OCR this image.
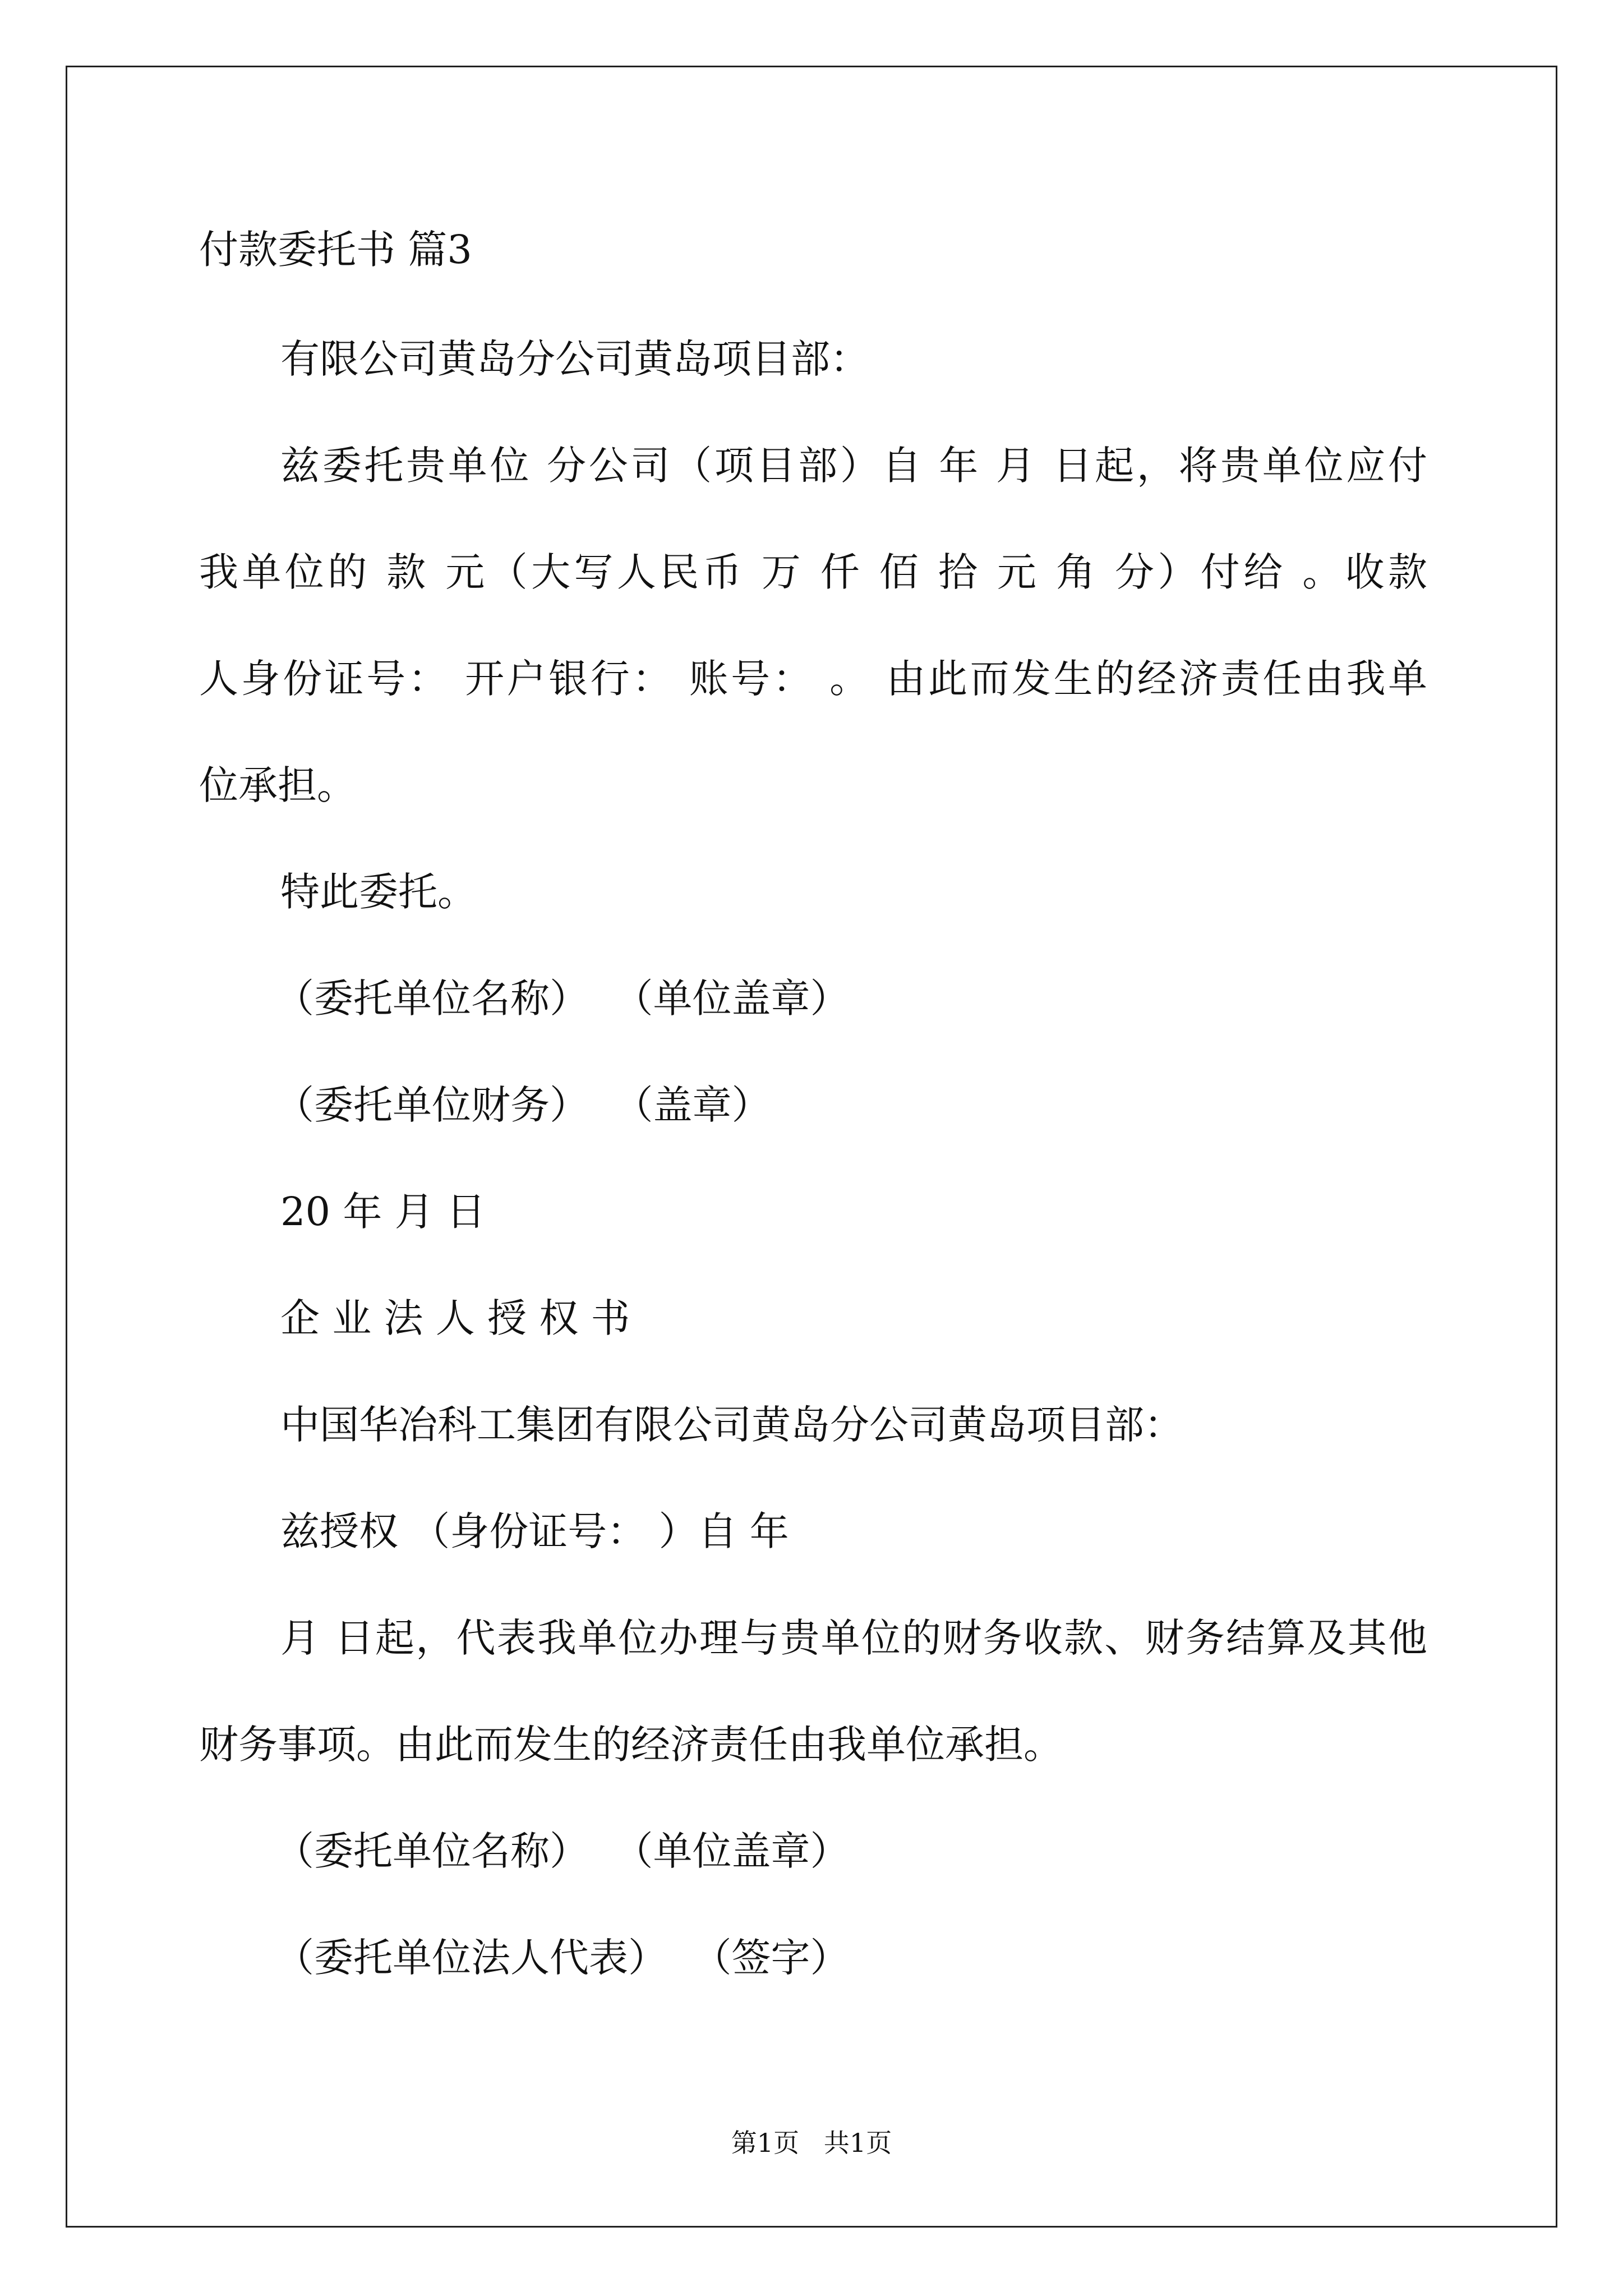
付款委托书 篇3
有限公司黄岛分公司黄岛项目部：
兹委托贵单位 分公司（项目部）自 年 月 日起，将贵单位应付
我单位的 款 元（大写人民币 万 仟 佰 拾 元 角 分）付给 。收款
人身份证号： 开户银行： 账号： 。 由此而发生的经济责任由我单
位承担。
特此委托。
（委托单位名称）  （单位盖章）
（委托单位财务）  （盖章）
20 年 月 日
企 业 法 人 授 权 书
中国华冶科工集团有限公司黄岛分公司黄岛项目部：
兹授权 （身份证号： ）自 年
月 日起，代表我单位办理与贵单位的财务收款、财务结算及其他
财务事项。由此而发生的经济责任由我单位承担。
（委托单位名称）  （单位盖章）
（委托单位法人代表）  （签字）
第1页   共1页
